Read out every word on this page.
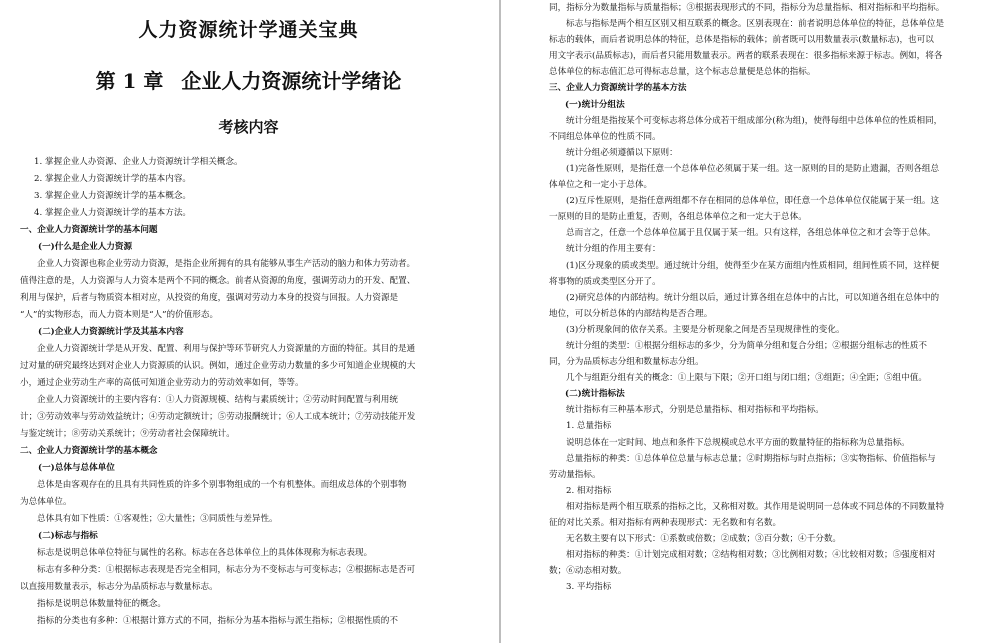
人力资源统计学通关宝典
第 1 章 企业人力资源统计学绪论
考核内容
1. 掌握企业人办资源、企业人力资源统计学相关概念。
2. 掌握企业人力资源统计学的基本内容。
3. 掌握企业人力资源统计学的基本概念。
4. 掌握企业人力资源统计学的基本方法。
一、企业人力资源统计学的基本问题
(一)什么是企业人力资源
企业人力资源也称企业劳动力资源，是指企业所拥有的具有能够从事生产活动的脑力和体力劳动者。
值得注意的是，人力资源与人力资本是两个不同的概念。前者从资源的角度，强调劳动力的开发、配置、
利用与保护，后者与物质资本相对应，从投资的角度，强调对劳动力本身的投资与回报。人力资源是
“人”的实物形态，而人力资本则是“人”的价值形态。
(二)企业人力资源统计学及其基本内容
企业人力资源统计学是从开发、配置、利用与保护等环节研究人力资源量的方面的特征。其目的是通
过对量的研究最终达到对企业人力资源质的认识。例如，通过企业劳动力数量的多少可知道企业规模的大
小，通过企业劳动生产率的高低可知道企业劳动力的劳动效率如何，等等。
企业人力资源统计的主要内容有：①人力资源规模、结构与素质统计；②劳动时间配置与利用统
计；③劳动效率与劳动效益统计；④劳动定额统计；⑤劳动报酬统计；⑥人工成本统计；⑦劳动技能开发
与鉴定统计；⑧劳动关系统计；⑨劳动者社会保障统计。
二、企业人力资源统计学的基本概念
(一)总体与总体单位
总体是由客观存在的且具有共同性质的许多个别事物组成的一个有机整体。而组成总体的个别事物
为总体单位。
总体具有如下性质：①客观性；②大量性；③同质性与差异性。
(二)标志与指标
标志是说明总体单位特征与属性的名称。标志在各总体单位上的具体体现称为标志表现。
标志有多种分类：①根据标志表现是否完全相同，标志分为不变标志与可变标志；②根据标志是否可
以直接用数量表示，标志分为品质标志与数量标志。
指标是说明总体数量特征的概念。
指标的分类也有多种：①根据计算方式的不同，指标分为基本指标与派生指标；②根据性质的不
同，指标分为数量指标与质量指标；③根据表现形式的不同，指标分为总量指标、相对指标和平均指标。
标志与指标是两个相互区别又相互联系的概念。区别表现在：前者说明总体单位的特征，总体单位是
标志的载体，而后者说明总体的特征，总体是指标的载体；前者既可以用数量表示(数量标志)，也可以
用文字表示(品质标志)，而后者只能用数量表示。两者的联系表现在：很多指标来源于标志。例如，将各
总体单位的标志值汇总可得标志总量，这个标志总量便是总体的指标。
三、企业人力资源统计学的基本方法
(一)统计分组法
统计分组是指按某个可变标志将总体分成若干组成部分(称为组)，使得每组中总体单位的性质相同，
不同组总体单位的性质不同。
统计分组必须遵循以下原则：
(1)完备性原则，是指任意一个总体单位必须属于某一组。这一原则的目的是防止遗漏，否则各组总
体单位之和一定小于总体。
(2)互斥性原则，是指任意两组都不存在相同的总体单位，即任意一个总体单位仅能属于某一组。这
一原则的目的是防止重复，否则，各组总体单位之和一定大于总体。
总而言之，任意一个总体单位属于且仅属于某一组。只有这样，各组总体单位之和才会等于总体。
统计分组的作用主要有：
(1)区分现象的质或类型。通过统计分组，使得至少在某方面组内性质相同，组间性质不同，这样便
将事物的质或类型区分开了。
(2)研究总体的内部结构。统计分组以后，通过计算各组在总体中的占比，可以知道各组在总体中的
地位，可以分析总体的内部结构是否合理。
(3)分析现象间的依存关系。主要是分析现象之间是否呈现规律性的变化。
统计分组的类型：①根据分组标志的多少，分为简单分组和复合分组；②根据分组标志的性质不
同，分为品质标志分组和数量标志分组。
几个与组距分组有关的概念：①上限与下限；②开口组与闭口组；③组距；④全距；⑤组中值。
(二)统计指标法
统计指标有三种基本形式，分别是总量指标、相对指标和平均指标。
1. 总量指标
说明总体在一定时间、地点和条件下总规模或总水平方面的数量特征的指标称为总量指标。
总量指标的种类：①总体单位总量与标志总量；②时期指标与时点指标；③实物指标、价值指标与
劳动量指标。
2. 相对指标
相对指标是两个相互联系的指标之比，又称相对数。其作用是说明同一总体或不同总体的不同数量特
征的对比关系。相对指标有两种表现形式：无名数和有名数。
无名数主要有以下形式：①系数或倍数；②成数；③百分数；④千分数。
相对指标的种类：①计划完成相对数；②结构相对数；③比例相对数；④比较相对数；⑤强度相对
数；⑥动态相对数。
3. 平均指标
